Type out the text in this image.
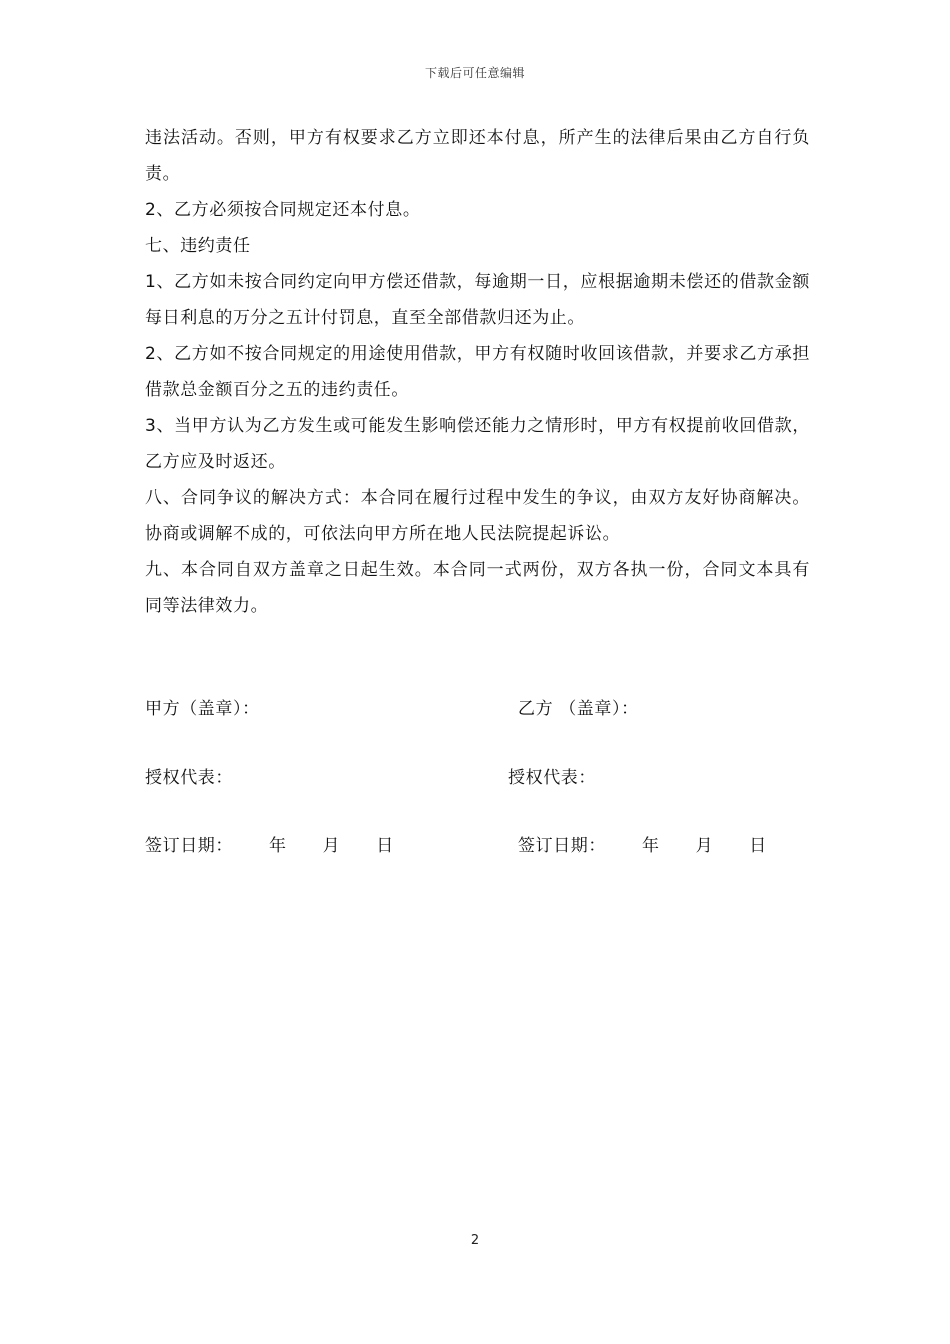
下载后可任意编辑

违法活动。否则，甲方有权要求乙方立即还本付息，所产生的法律后果由乙方自行负责。

2、乙方必须按合同规定还本付息。

七、违约责任

1、乙方如未按合同约定向甲方偿还借款，每逾期一日，应根据逾期未偿还的借款金额每日利息的万分之五计付罚息，直至全部借款归还为止。

2、乙方如不按合同规定的用途使用借款，甲方有权随时收回该借款，并要求乙方承担借款总金额百分之五的违约责任。

3、当甲方认为乙方发生或可能发生影响偿还能力之情形时，甲方有权提前收回借款，乙方应及时返还。

八、合同争议的解决方式：本合同在履行过程中发生的争议，由双方友好协商解决。协商或调解不成的，可依法向甲方所在地人民法院提起诉讼。

九、本合同自双方盖章之日起生效。本合同一式两份，双方各执一份，合同文本具有同等法律效力。

甲方（盖章）：	乙方 （盖章）：
授权代表：	授权代表：
签订日期：      年      月      日	签订日期：      年      月      日
2
